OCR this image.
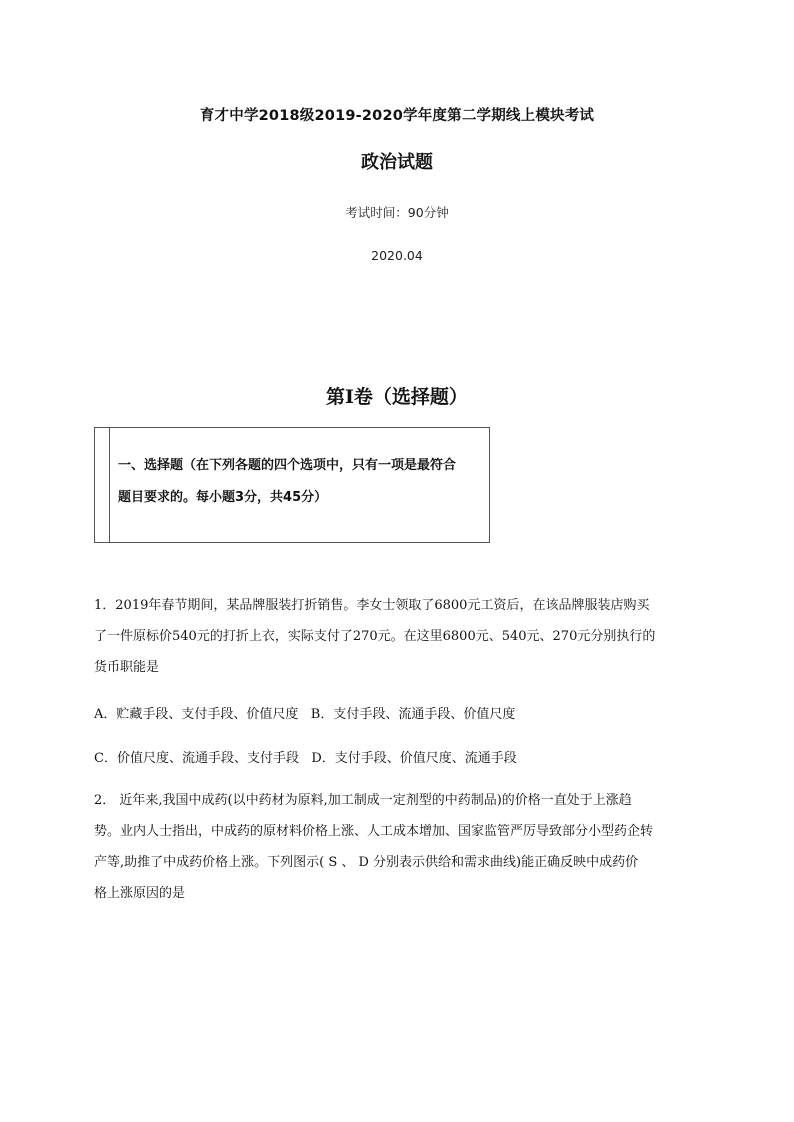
育才中学2018级2019-2020学年度第二学期线上模块考试
政治试题
考试时间：90分钟
2020.04
第I卷（选择题）
一、选择题（在下列各题的四个选项中，只有一项是最符合
题目要求的。每小题3分，共45分）

1．2019年春节期间，某品牌服装打折销售。李女士领取了6800元工资后，在该品牌服装店购买

了一件原标价540元的打折上衣，实际支付了270元。在这里6800元、540元、270元分别执行的

货币职能是

A．贮藏手段、支付手段、价值尺度   B．支付手段、流通手段、价值尺度
C．价值尺度、流通手段、支付手段   D．支付手段、价值尺度、流通手段

2． 近年来,我国中成药(以中药材为原料,加工制成一定剂型的中药制品)的价格一直处于上涨趋

势。业内人士指出，中成药的原材料价格上涨、人工成本增加、国家监管严厉导致部分小型药企转

产等,助推了中成药价格上涨。下列图示( S 、 D 分别表示供给和需求曲线)能正确反映中成药价

格上涨原因的是
